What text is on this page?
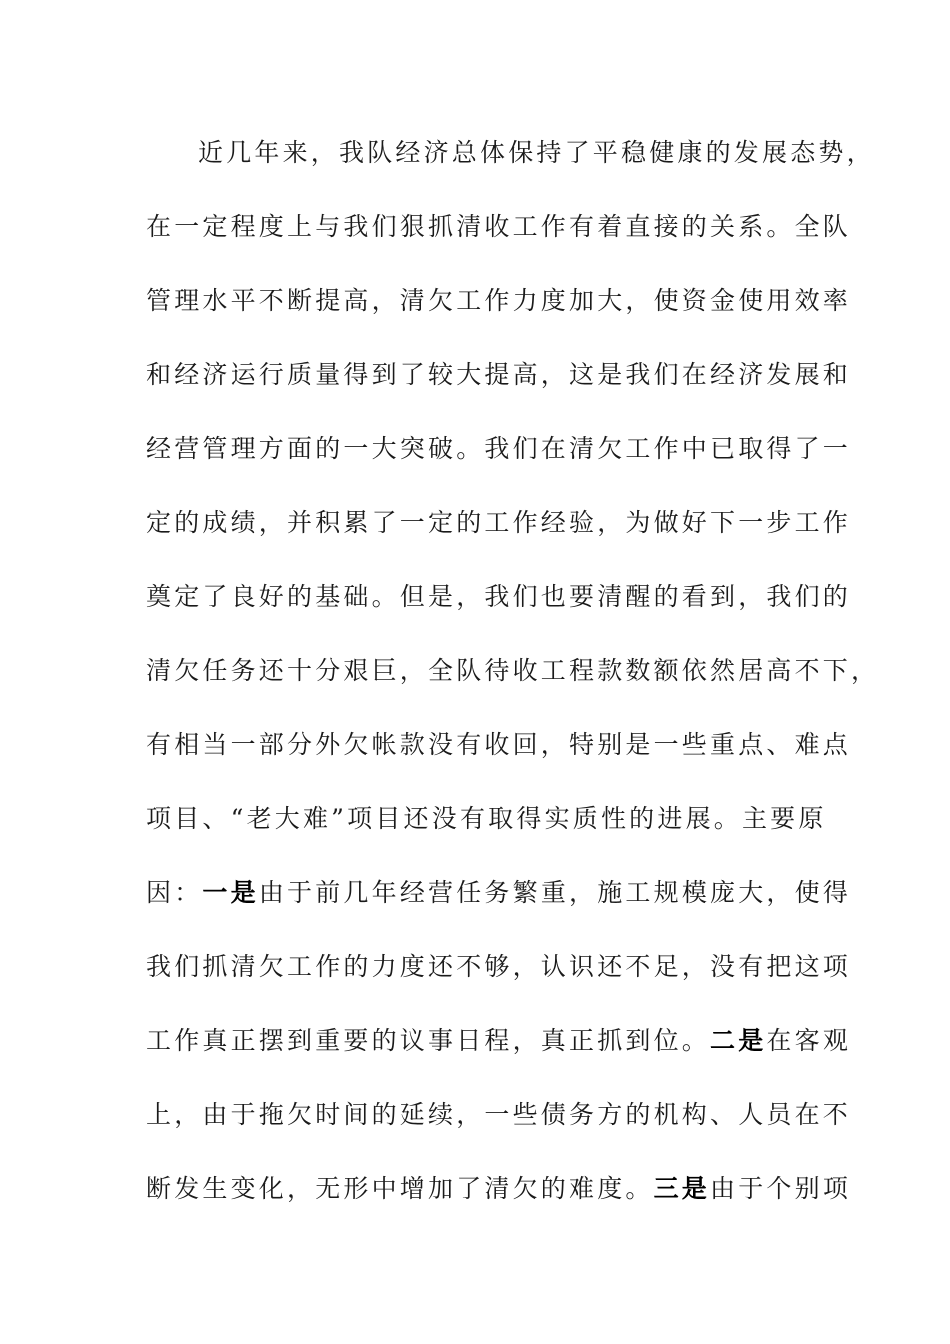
近几年来，我队经济总体保持了平稳健康的发展态势，
在一定程度上与我们狠抓清收工作有着直接的关系。全队
管理水平不断提高，清欠工作力度加大，使资金使用效率
和经济运行质量得到了较大提高，这是我们在经济发展和
经营管理方面的一大突破。我们在清欠工作中已取得了一
定的成绩，并积累了一定的工作经验，为做好下一步工作
奠定了良好的基础。但是，我们也要清醒的看到，我们的
清欠任务还十分艰巨，全队待收工程款数额依然居高不下，
有相当一部分外欠帐款没有收回，特别是一些重点、难点
项目、“老大难”项目还没有取得实质性的进展。主要原
因：一是由于前几年经营任务繁重，施工规模庞大，使得
我们抓清欠工作的力度还不够，认识还不足，没有把这项
工作真正摆到重要的议事日程，真正抓到位。二是在客观
上，由于拖欠时间的延续，一些债务方的机构、人员在不
断发生变化，无形中增加了清欠的难度。三是由于个别项
